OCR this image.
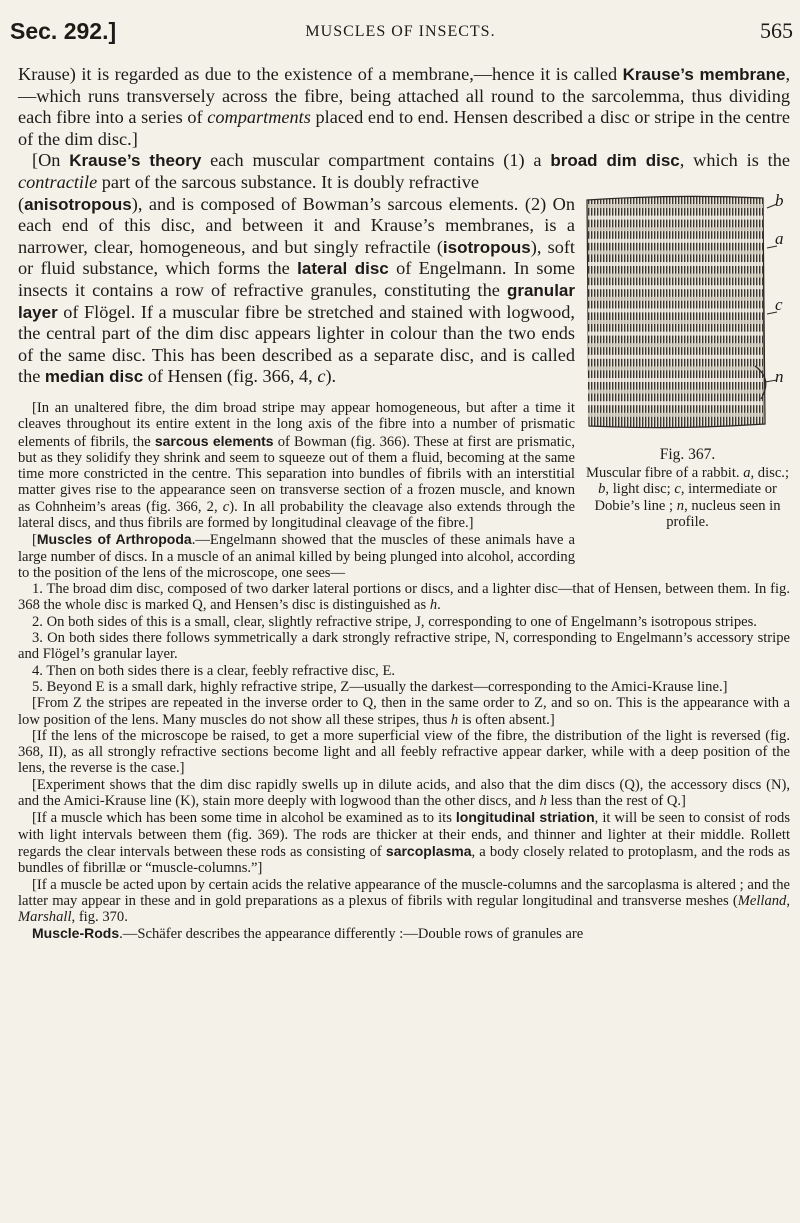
Sec. 292.]	MUSCLES OF INSECTS.	565

Krause) it is regarded as due to the existence of a membrane,—hence it is called Krause’s membrane,—which runs transversely across the fibre, being attached all round to the sarcolemma, thus dividing each fibre into a series of compartments placed end to end. Hensen described a disc or stripe in the centre of the dim disc.]

[On Krause’s theory each muscular compartment contains (1) a broad dim disc, which is the contractile part of the sarcous substance. It is doubly refractive

b
a
c
n
Fig. 367.
Muscular fibre of a rabbit. a, disc.; b, light disc; c, intermediate or Dobie’s line ; n, nucleus seen in profile.

(anisotropous), and is composed of Bowman’s sarcous elements. (2) On each end of this disc, and between it and Krause’s membranes, is a narrower, clear, homogeneous, and but singly refractile (isotropous), soft or fluid substance, which forms the lateral disc of Engelmann. In some insects it contains a row of refractive granules, constituting the granular layer of Flögel. If a muscular fibre be stretched and stained with logwood, the central part of the dim disc appears lighter in colour than the two ends of the same disc. This has been described as a separate disc, and is called the median disc of Hensen (fig. 366, 4, c).

[In an unaltered fibre, the dim broad stripe may appear homogeneous, but after a time it cleaves throughout its entire extent in the long axis of the fibre into a number of prismatic elements of fibrils, the sarcous elements of Bowman (fig. 366). These at first are prismatic, but as they solidify they shrink and seem to squeeze out of them a fluid, becoming at the same time more constricted in the centre. This separation into bundles of fibrils with an interstitial matter gives rise to the appearance seen on transverse section of a frozen muscle, and known as Cohnheim’s areas (fig. 366, 2, c). In all probability the cleavage also extends through the lateral discs, and thus fibrils are formed by longitudinal cleavage of the fibre.]

[Muscles of Arthropoda.—Engelmann showed that the muscles of these animals have a large number of discs. In a muscle of an animal killed by being plunged into alcohol, according to the position of the lens of the microscope, one sees—

1. The broad dim disc, composed of two darker lateral portions or discs, and a lighter disc—that of Hensen, between them. In fig. 368 the whole disc is marked Q, and Hensen’s disc is distinguished as h.

2. On both sides of this is a small, clear, slightly refractive stripe, J, corresponding to one of Engelmann’s isotropous stripes.

3. On both sides there follows symmetrically a dark strongly refractive stripe, N, corresponding to Engelmann’s accessory stripe and Flögel’s granular layer.

4. Then on both sides there is a clear, feebly refractive disc, E.

5. Beyond E is a small dark, highly refractive stripe, Z—usually the darkest—corresponding to the Amici-Krause line.]

[From Z the stripes are repeated in the inverse order to Q, then in the same order to Z, and so on. This is the appearance with a low position of the lens. Many muscles do not show all these stripes, thus h is often absent.]

[If the lens of the microscope be raised, to get a more superficial view of the fibre, the distribution of the light is reversed (fig. 368, II), as all strongly refractive sections become light and all feebly refractive appear darker, while with a deep position of the lens, the reverse is the case.]

[Experiment shows that the dim disc rapidly swells up in dilute acids, and also that the dim discs (Q), the accessory discs (N), and the Amici-Krause line (K), stain more deeply with logwood than the other discs, and h less than the rest of Q.]

[If a muscle which has been some time in alcohol be examined as to its longitudinal striation, it will be seen to consist of rods with light intervals between them (fig. 369). The rods are thicker at their ends, and thinner and lighter at their middle. Rollett regards the clear intervals between these rods as consisting of sarcoplasma, a body closely related to protoplasm, and the rods as bundles of fibrillæ or “muscle-columns.”]

[If a muscle be acted upon by certain acids the relative appearance of the muscle-columns and the sarcoplasma is altered ; and the latter may appear in these and in gold preparations as a plexus of fibrils with regular longitudinal and transverse meshes (Melland, Marshall, fig. 370.

Muscle-Rods.—Schäfer describes the appearance differently :—Double rows of granules are
